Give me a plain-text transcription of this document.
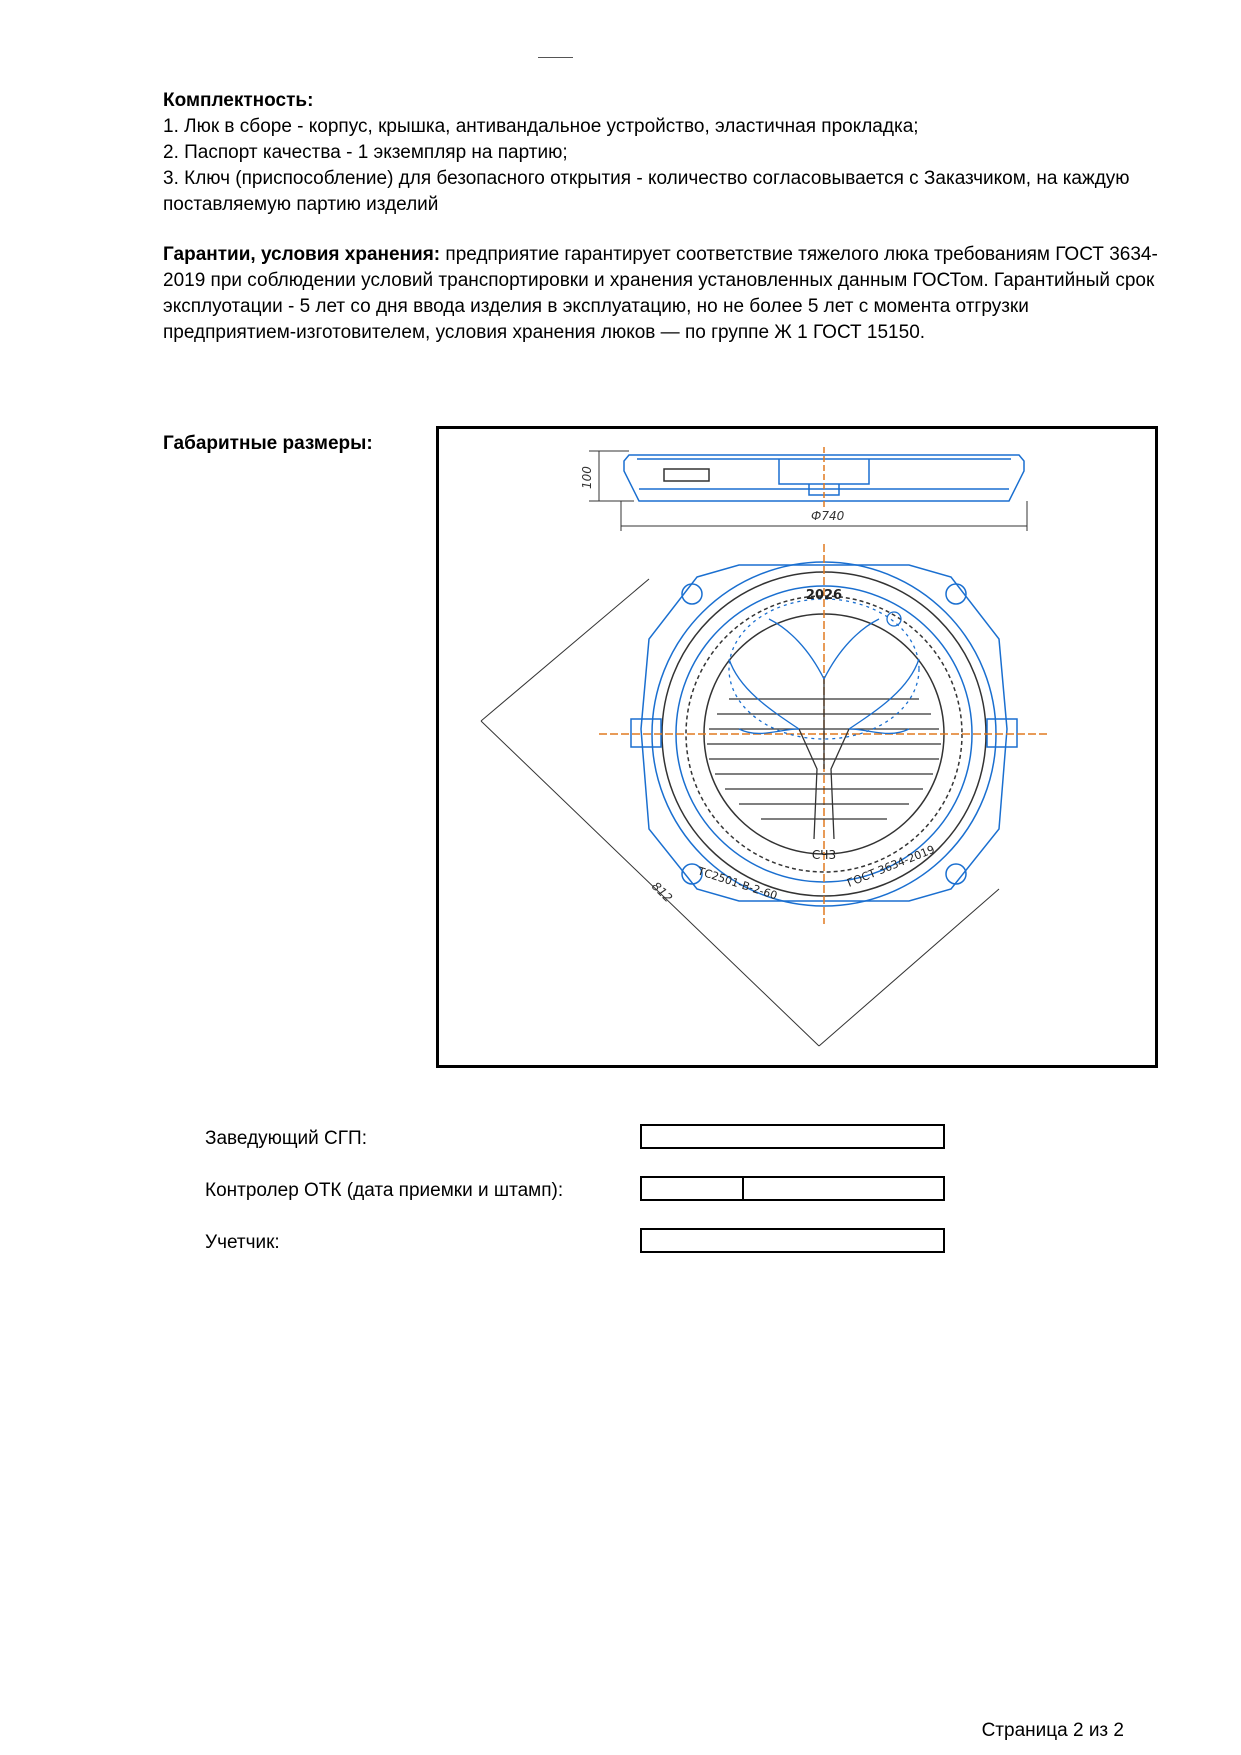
Комплектность:

1. Люк в сборе - корпус, крышка, антивандальное устройство, эластичная прокладка;

2. Паспорт качества - 1 экземпляр на партию;

3. Ключ (приспособление) для безопасного открытия - количество согласовывается с Заказчиком, на каждую поставляемую партию изделий

Гарантии, условия хранения: предприятие гарантирует соответствие тяжелого люка требованиям ГОСТ 3634-2019 при соблюдении условий транспортировки и хранения установленных данным ГОСТом. Гарантийный срок эксплуотации - 5 лет со дня ввода изделия в эксплуатацию, но не более 5 лет с момента отгрузки предприятием-изготовителем, условия хранения люков — по группе Ж 1 ГОСТ 15150.

Габаритные размеры:
100
Ф740
2026
СЧ3
ТС2501-В-2-60	ГОСТ 3634-2019
812
Заведующий СГП:
Контролер ОТК (дата приемки и штамп):
Учетчик:
Страница 2 из 2
